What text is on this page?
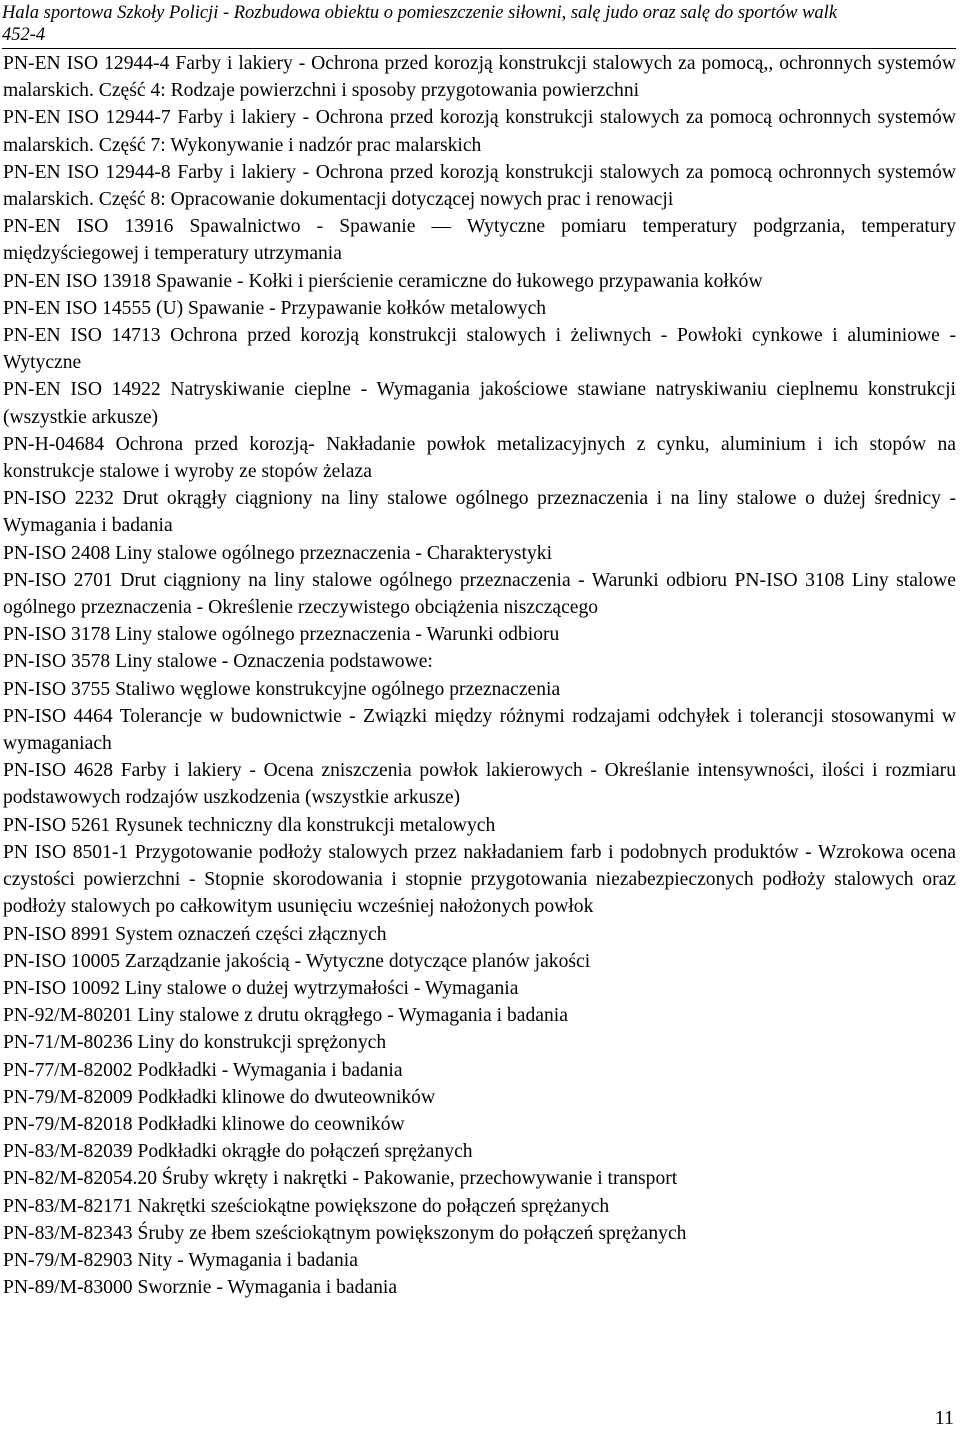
Hala sportowa Szkoły Policji - Rozbudowa obiektu o pomieszczenie siłowni, salę judo oraz salę do sportów walk
452-4

PN-EN ISO 12944-4 Farby i lakiery - Ochrona przed korozją konstrukcji stalowych za pomocą,, ochronnych systemów malarskich. Część 4: Rodzaje powierzchni i sposoby przygotowania powierzchni

PN-EN ISO 12944-7 Farby i lakiery - Ochrona przed korozją konstrukcji stalowych za pomocą ochronnych systemów malarskich. Część 7: Wykonywanie i nadzór prac malarskich

PN-EN ISO 12944-8 Farby i lakiery - Ochrona przed korozją konstrukcji stalowych za pomocą ochronnych systemów malarskich. Część 8: Opracowanie dokumentacji dotyczącej nowych prac i renowacji

PN-EN ISO 13916 Spawalnictwo - Spawanie –– Wytyczne pomiaru temperatury podgrzania, temperatury międzyściegowej i temperatury utrzymania

PN-EN ISO 13918 Spawanie - Kołki i pierścienie ceramiczne do łukowego przypawania kołków

PN-EN ISO 14555 (U) Spawanie - Przypawanie kołków metalowych

PN-EN ISO 14713 Ochrona przed korozją konstrukcji stalowych i żeliwnych - Powłoki cynkowe i aluminiowe - Wytyczne

PN-EN ISO 14922 Natryskiwanie cieplne - Wymagania jakościowe stawiane natryskiwaniu cieplnemu konstrukcji (wszystkie arkusze)

PN-H-04684 Ochrona przed korozją- Nakładanie powłok metalizacyjnych z cynku, aluminium i ich stopów na konstrukcje stalowe i wyroby ze stopów żelaza

PN-ISO 2232 Drut okrągły ciągniony na liny stalowe ogólnego przeznaczenia i na liny stalowe o dużej średnicy -Wymagania i badania

PN-ISO 2408 Liny stalowe ogólnego przeznaczenia - Charakterystyki

PN-ISO 2701 Drut ciągniony na liny stalowe ogólnego przeznaczenia - Warunki odbioru PN-ISO 3108 Liny stalowe ogólnego przeznaczenia - Określenie rzeczywistego obciążenia niszczącego

PN-ISO 3178 Liny stalowe ogólnego przeznaczenia - Warunki odbioru

PN-ISO 3578 Liny stalowe - Oznaczenia podstawowe:

PN-ISO 3755 Staliwo węglowe konstrukcyjne ogólnego przeznaczenia

PN-ISO 4464 Tolerancje w budownictwie - Związki między różnymi rodzajami odchyłek i tolerancji stosowanymi w wymaganiach

PN-ISO 4628 Farby i lakiery - Ocena zniszczenia powłok lakierowych - Określanie intensywności, ilości i rozmiaru podstawowych rodzajów uszkodzenia (wszystkie arkusze)

PN-ISO 5261 Rysunek techniczny dla konstrukcji metalowych

PN ISO 8501-1 Przygotowanie podłoży stalowych przez nakładaniem farb i podobnych produktów - Wzrokowa ocena czystości powierzchni - Stopnie skorodowania i stopnie przygotowania niezabezpieczonych podłoży stalowych oraz podłoży stalowych po całkowitym usunięciu wcześniej nałożonych powłok

PN-ISO 8991 System oznaczeń części złącznych

PN-ISO 10005 Zarządzanie jakością - Wytyczne dotyczące planów jakości

PN-ISO 10092 Liny stalowe o dużej wytrzymałości - Wymagania

PN-92/M-80201 Liny stalowe z drutu okrągłego - Wymagania i badania

PN-71/M-80236 Liny do konstrukcji sprężonych

PN-77/M-82002 Podkładki - Wymagania i badania

PN-79/M-82009 Podkładki klinowe do dwuteowników

PN-79/M-82018 Podkładki klinowe do ceowników

PN-83/M-82039 Podkładki okrągłe do połączeń sprężanych

PN-82/M-82054.20 Śruby wkręty i nakrętki - Pakowanie, przechowywanie i transport

PN-83/M-82171 Nakrętki sześciokątne powiększone do połączeń sprężanych

PN-83/M-82343 Śruby ze łbem sześciokątnym powiększonym do połączeń sprężanych

PN-79/M-82903 Nity - Wymagania i badania

PN-89/M-83000 Sworznie - Wymagania i badania

11
